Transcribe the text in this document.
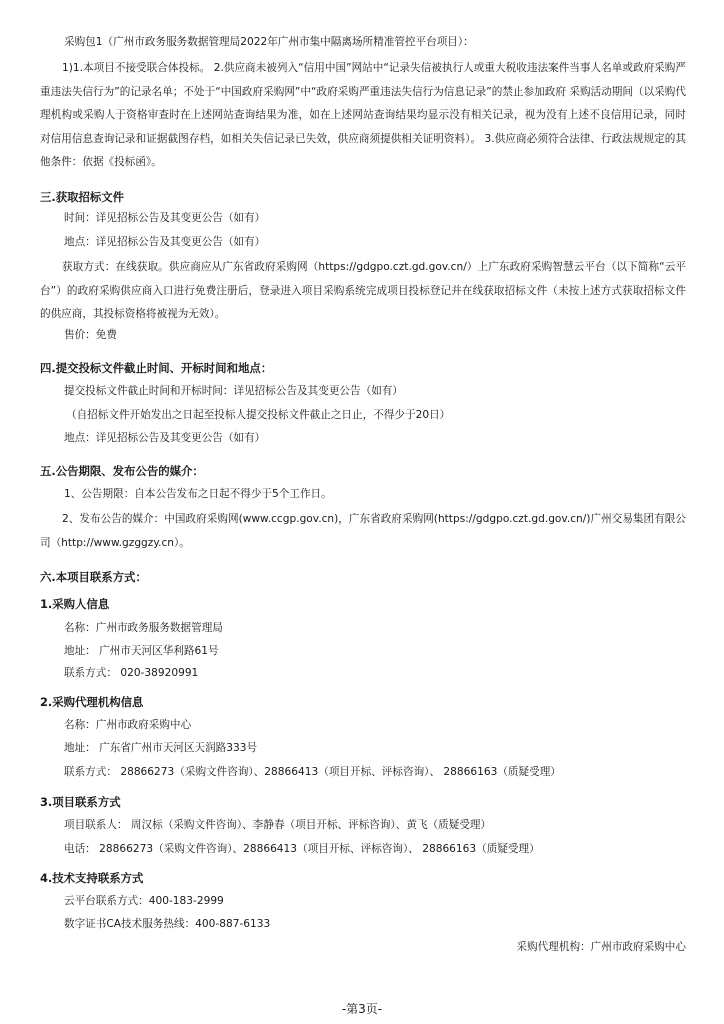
采购包1（广州市政务服务数据管理局2022年广州市集中隔离场所精准管控平台项目）：
1)1.本项目不接受联合体投标。 2.供应商未被列入“信用中国”网站中“记录失信被执行人或重大税收违法案件当事人名单或政府采购严重违法失信行为”的记录名单；不处于“中国政府采购网”中“政府采购严重违法失信行为信息记录”的禁止参加政府 采购活动期间（以采购代理机构或采购人于资格审查时在上述网站查询结果为准，如在上述网站查询结果均显示没有相关记录，视为没有上述不良信用记录，同时对信用信息查询记录和证据截图存档，如相关失信记录已失效，供应商须提供相关证明资料）。 3.供应商必须符合法律、行政法规规定的其他条件：依据《投标函》。
三.获取招标文件
时间：详见招标公告及其变更公告（如有）
地点：详见招标公告及其变更公告（如有）
获取方式：在线获取。供应商应从广东省政府采购网（https://gdgpo.czt.gd.gov.cn/）上广东政府采购智慧云平台（以下简称“云平台”）的政府采购供应商入口进行免费注册后，登录进入项目采购系统完成项目投标登记并在线获取招标文件（未按上述方式获取招标文件的供应商，其投标资格将被视为无效）。
售价：免费
四.提交投标文件截止时间、开标时间和地点：
提交投标文件截止时间和开标时间：详见招标公告及其变更公告（如有）
（自招标文件开始发出之日起至投标人提交投标文件截止之日止，不得少于20日）
地点：详见招标公告及其变更公告（如有）
五.公告期限、发布公告的媒介：
1、公告期限：自本公告发布之日起不得少于5个工作日。
2、发布公告的媒介：中国政府采购网(www.ccgp.gov.cn)，广东省政府采购网(https://gdgpo.czt.gd.gov.cn/)广州交易集团有限公司（http://www.gzggzy.cn）。
六.本项目联系方式：
1.采购人信息
名称：广州市政务服务数据管理局
地址： 广州市天河区华利路61号
联系方式： 020-38920991
2.采购代理机构信息
名称：广州市政府采购中心
地址： 广东省广州市天河区天润路333号
联系方式： 28866273（采购文件咨询）、28866413（项目开标、评标咨询）、 28866163（质疑受理）
3.项目联系方式
项目联系人： 周汉标（采购文件咨询）、李静春（项目开标、评标咨询）、黄飞（质疑受理）
电话： 28866273（采购文件咨询）、28866413（项目开标、评标咨询）、 28866163（质疑受理）
4.技术支持联系方式
云平台联系方式：400-183-2999
数字证书CA技术服务热线：400-887-6133
采购代理机构：广州市政府采购中心
-第3页-
